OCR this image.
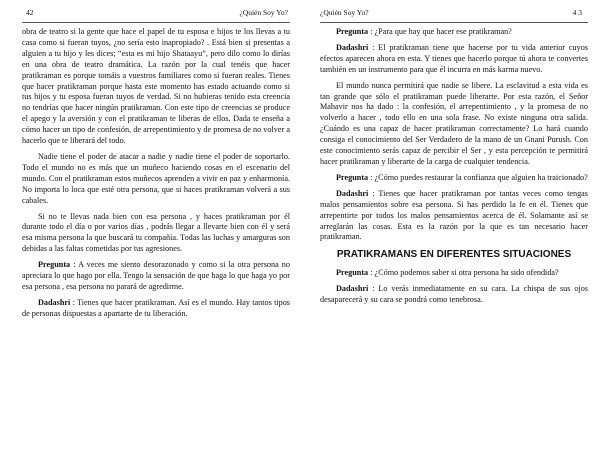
42	¿Quién Soy Yo?

obra de teatro si la gente que hace el papel de tu esposa e hijos te los llevas a tu casa como si fueran tuyos, ¿no sería esto inapropiado? . Está bien si presentas a alguien a tu hijo y les dices; “esta es mi hijo Shataayu”, pero dilo como lo dirías en una obra de teatro dramática. La razón por la cual tenéis que hacer pratikraman es porque tomáis a vuestros familiares como si fueran reales. Tienes que hacer pratikraman porque hasta este momento has estado actuando como si tus hijos y tu esposa fueran tuyos de verdad. Si no hubieras tenido esta creencia no tendrías que hacer ningún pratikraman. Con este tipo de creencias se produce el apego y la aversión y con el pratikraman te liberas de ellos. Dada te enseña a cómo hacer un tipo de confesión, de arrepentimiento y de promesa de no volver a hacerlo que te liberará del todo.

Nadie tiene el poder de atacar a nadie y nadie tiene el poder de soportarlo. Todo el mundo no es más que un muñeco haciendo cosas en el escenario del mundo. Con el pratikraman estos muñecos aprenden a vivir en paz y enharmonía. No importa lo loca que esté otra persona, que si haces pratikraman volverá a sus cabales.

Si no te llevas nada bien con esa persona , y haces pratikraman por él durante todo el día o por varios días , podrás llegar a llevarte bien con él y será esa misma persona la que buscará tu compañía. Todas las luchas y amarguras son debidas a las faltas cometidas por tus agresiones.

Pregunta : A veces me siento desorazonado y como si la otra persona no apreciara lo que hago por ella. Tengo la sensación de que haga lo que haga yo por esa persona , esa persona no parará de agredirme.

Dadashri : Tienes que hacer pratikraman. Así es el mundo. Hay tantos tipos de personas dispuestas a apartarte de tu liberación.

¿Quién Soy Yo?	4 3

Pregunta : ¿Para que hay que hacer ese pratikraman?

Dadashri : El pratikraman tiene que hacerse por tu vida anterior cuyos efectos aparecen ahora en esta. Y tienes que hacerlo porque tú ahora te convertes también en un instrumento para que él incurra en más karma nuevo.

El mundo nunca permitirá que nadie se libere. La esclavitud a esta vida es tan grande que sólo el pratikraman puede liberarte. Por esta razón, el Señor Mahavir nos ha dado : la confesión, el arrepentimiento , y la promesa de no volverlo a hacer , todo ello en una sola frase. No existe ninguna otra salida. ¿Cuándo es una capaz de hacer pratikraman correctamente? Lo hará cuando consiga el conocimiento del Ser Verdadero de la mano de un Gnani Purush. Con este conocimiento serás capaz de percibir el Ser , y esta percepción te permitirá hacer pratikraman y liberarte de la carga de cualquier tendencia.

Pregunta : ¿Cómo puedes restaurar la confianza que alguien ha traicionado?

Dadashri : Tienes que hacer pratikraman por tantas veces como tengas malos pensamientos sobre esa persona. Si has perdido la fe en él. Tienes que arrepentirte por todos los malos pensamientos acerca de él. Solamante así se arreglarán las cosas. Esta es la razón por la que es tan necesario hacer pratikraman.

PRATIKRAMANS EN DIFERENTES SITUACIONES

Pregunta : ¿Cómo podemos saber si otra persona ha sido ofendida?

Dadashri : Lo verás inmediatamente en su cara. La chispa de sus ojos desaparecerá y su cara se pondrá como tenebrosa.
